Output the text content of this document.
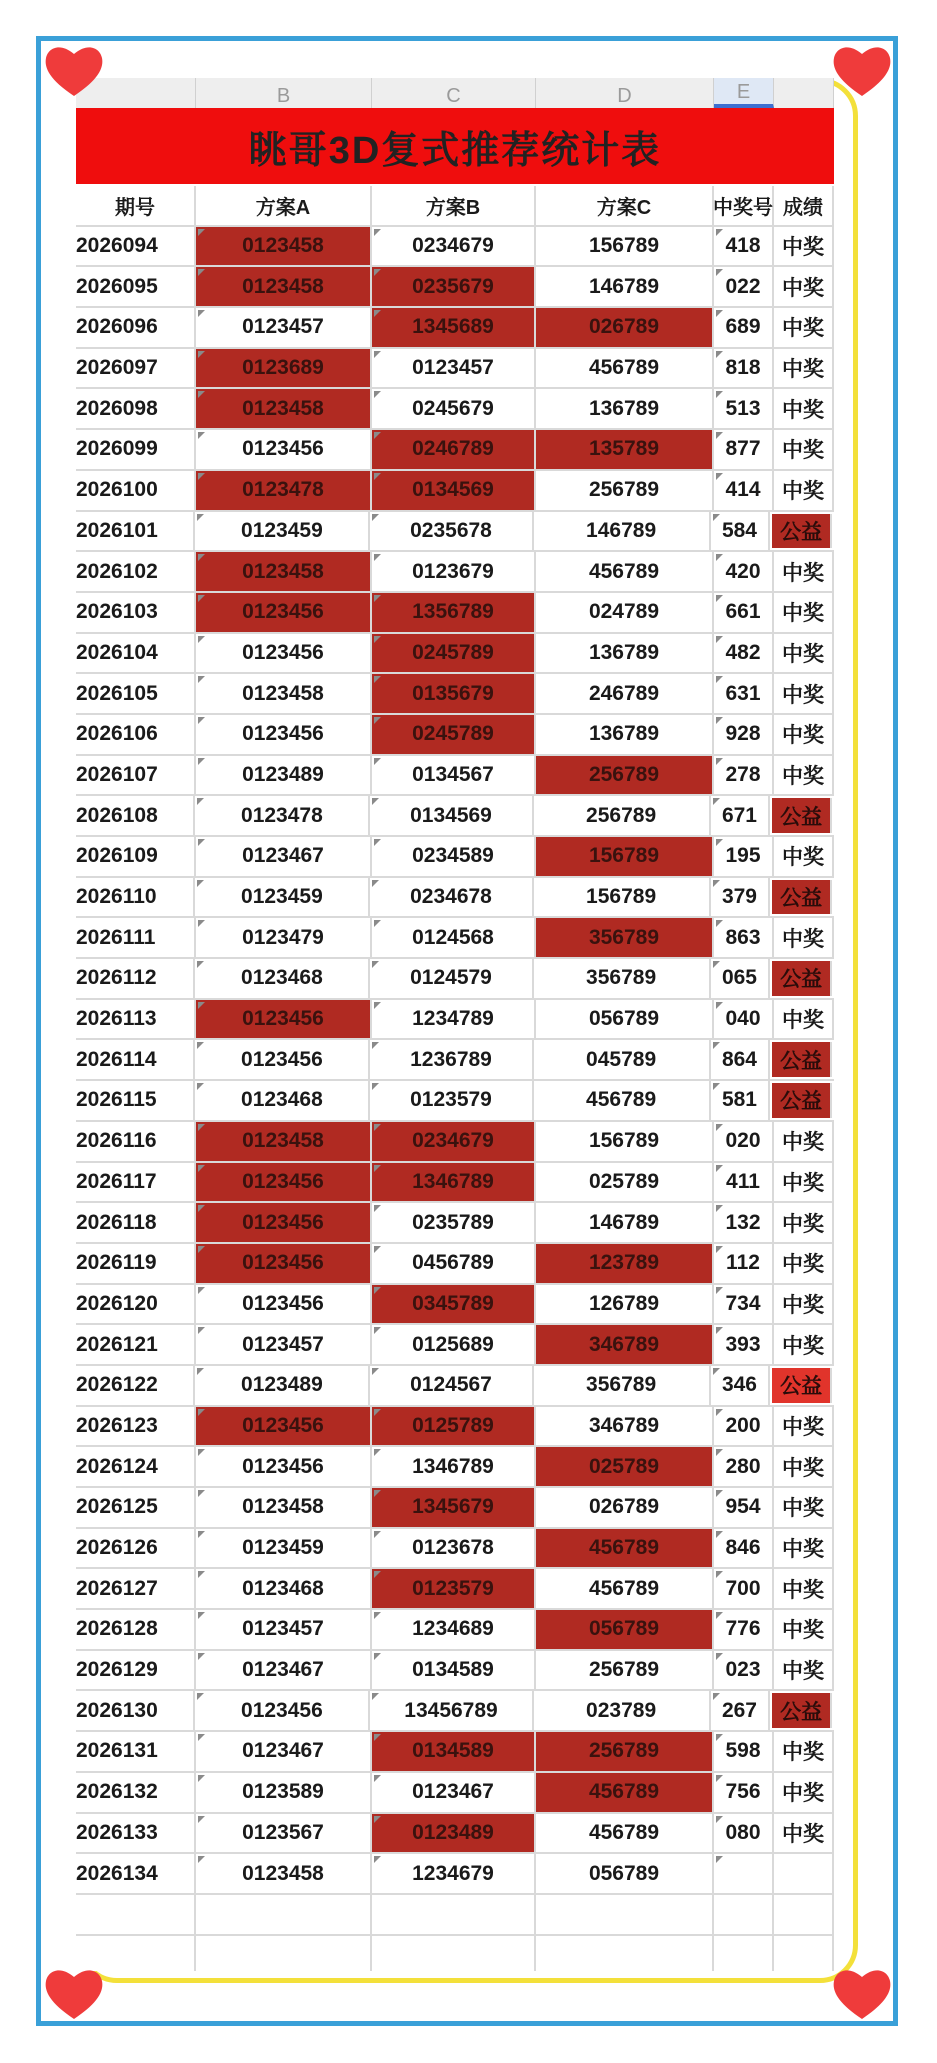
B	C	D	E
眺哥3D复式推荐统计表
期号	方案A	方案B	方案C	中奖号 成绩
2026094	0123458	0234679	156789	418	中奖
2026095	0123458	0235679	146789	022	中奖
2026096	0123457	1345689	026789	689	中奖
2026097	0123689	0123457	456789	818	中奖
2026098	0123458	0245679	136789	513	中奖
2026099	0123456	0246789	135789	877	中奖
2026100	0123478	0134569	256789	414	中奖
2026101	0123459	0235678	146789	584	公益
2026102	0123458	0123679	456789	420	中奖
2026103	0123456	1356789	024789	661	中奖
2026104	0123456	0245789	136789	482	中奖
2026105	0123458	0135679	246789	631	中奖
2026106	0123456	0245789	136789	928	中奖
2026107	0123489	0134567	256789	278	中奖
2026108	0123478	0134569	256789	671	公益
2026109	0123467	0234589	156789	195	中奖
2026110	0123459	0234678	156789	379	公益
2026111	0123479	0124568	356789	863	中奖
2026112	0123468	0124579	356789	065	公益
2026113	0123456	1234789	056789	040	中奖
2026114	0123456	1236789	045789	864	公益
2026115	0123468	0123579	456789	581	公益
2026116	0123458	0234679	156789	020	中奖
2026117	0123456	1346789	025789	411	中奖
2026118	0123456	0235789	146789	132	中奖
2026119	0123456	0456789	123789	112	中奖
2026120	0123456	0345789	126789	734	中奖
2026121	0123457	0125689	346789	393	中奖
2026122	0123489	0124567	356789	346	公益
2026123	0123456	0125789	346789	200	中奖
2026124	0123456	1346789	025789	280	中奖
2026125	0123458	1345679	026789	954	中奖
2026126	0123459	0123678	456789	846	中奖
2026127	0123468	0123579	456789	700	中奖
2026128	0123457	1234689	056789	776	中奖
2026129	0123467	0134589	256789	023	中奖
2026130	0123456	13456789	023789	267	公益
2026131	0123467	0134589	256789	598	中奖
2026132	0123589	0123467	456789	756	中奖
2026133	0123567	0123489	456789	080	中奖
2026134	0123458	1234679	056789
